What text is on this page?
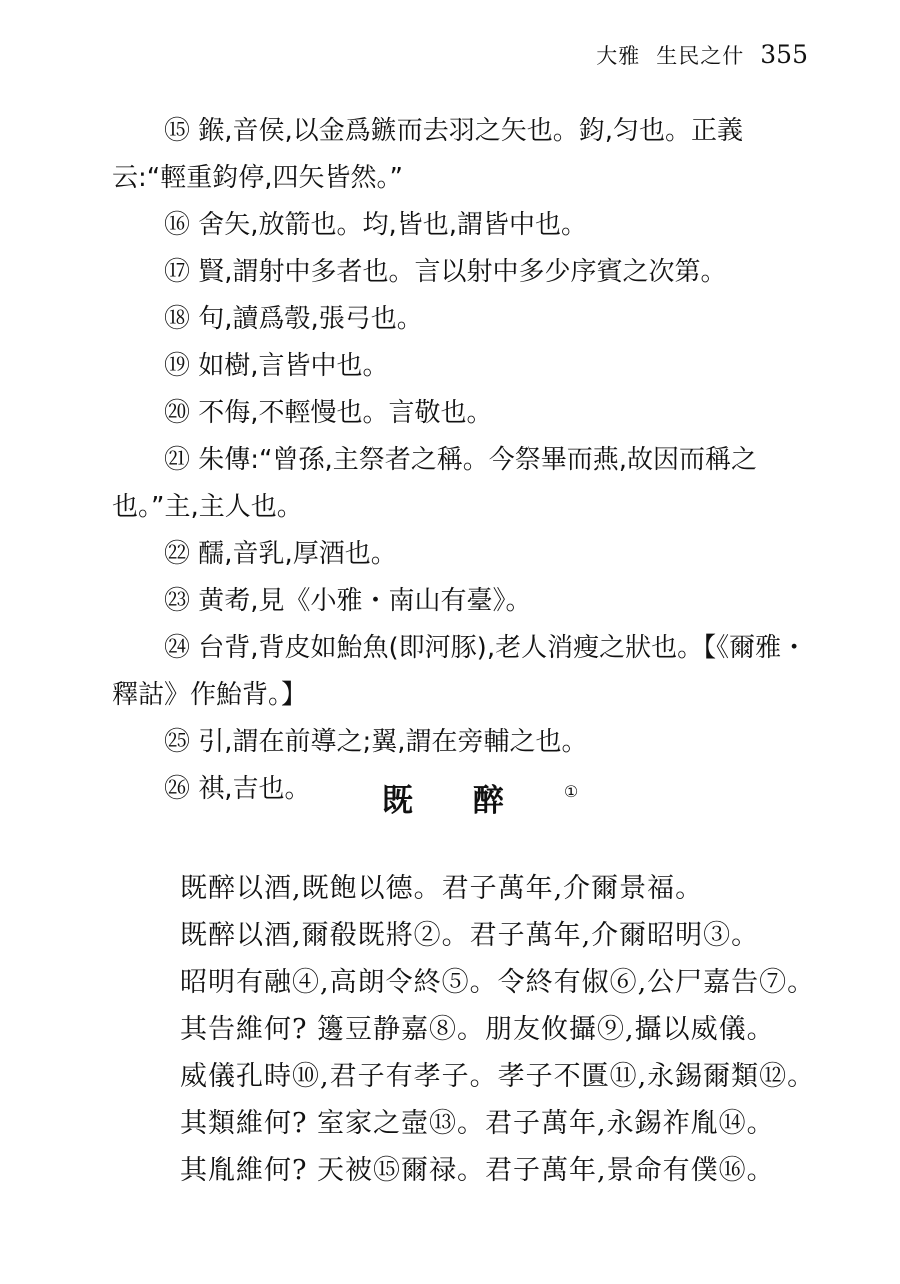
大雅 生民之什 355

⑮ 鍭,音侯,以金爲鏃而去羽之矢也。鈞,匀也。正義云:“輕重鈞停,四矢皆然。”

⑯ 舍矢,放箭也。均,皆也,謂皆中也。

⑰ 賢,謂射中多者也。言以射中多少序賓之次第。

⑱ 句,讀爲彀,張弓也。

⑲ 如樹,言皆中也。

⑳ 不侮,不輕慢也。言敬也。

㉑ 朱傳:“曾孫,主祭者之稱。今祭畢而燕,故因而稱之也。”主,主人也。

㉒ 醹,音乳,厚酒也。

㉓ 黄耇,見《小雅・南山有臺》。

㉔ 台背,背皮如鮐魚(即河豚),老人消瘦之狀也。【《爾雅・釋詁》作鮐背。】

㉕ 引,謂在前導之;翼,謂在旁輔之也。

㉖ 祺,吉也。	既醉①

既醉以酒,既飽以德。君子萬年,介爾景福。

既醉以酒,爾殽既將②。君子萬年,介爾昭明③。

昭明有融④,高朗令終⑤。令終有俶⑥,公尸嘉告⑦。

其告維何? 籩豆静嘉⑧。朋友攸攝⑨,攝以威儀。

威儀孔時⑩,君子有孝子。孝子不匱⑪,永錫爾類⑫。

其類維何? 室家之壼⑬。君子萬年,永錫祚胤⑭。

其胤維何? 天被⑮爾禄。君子萬年,景命有僕⑯。
